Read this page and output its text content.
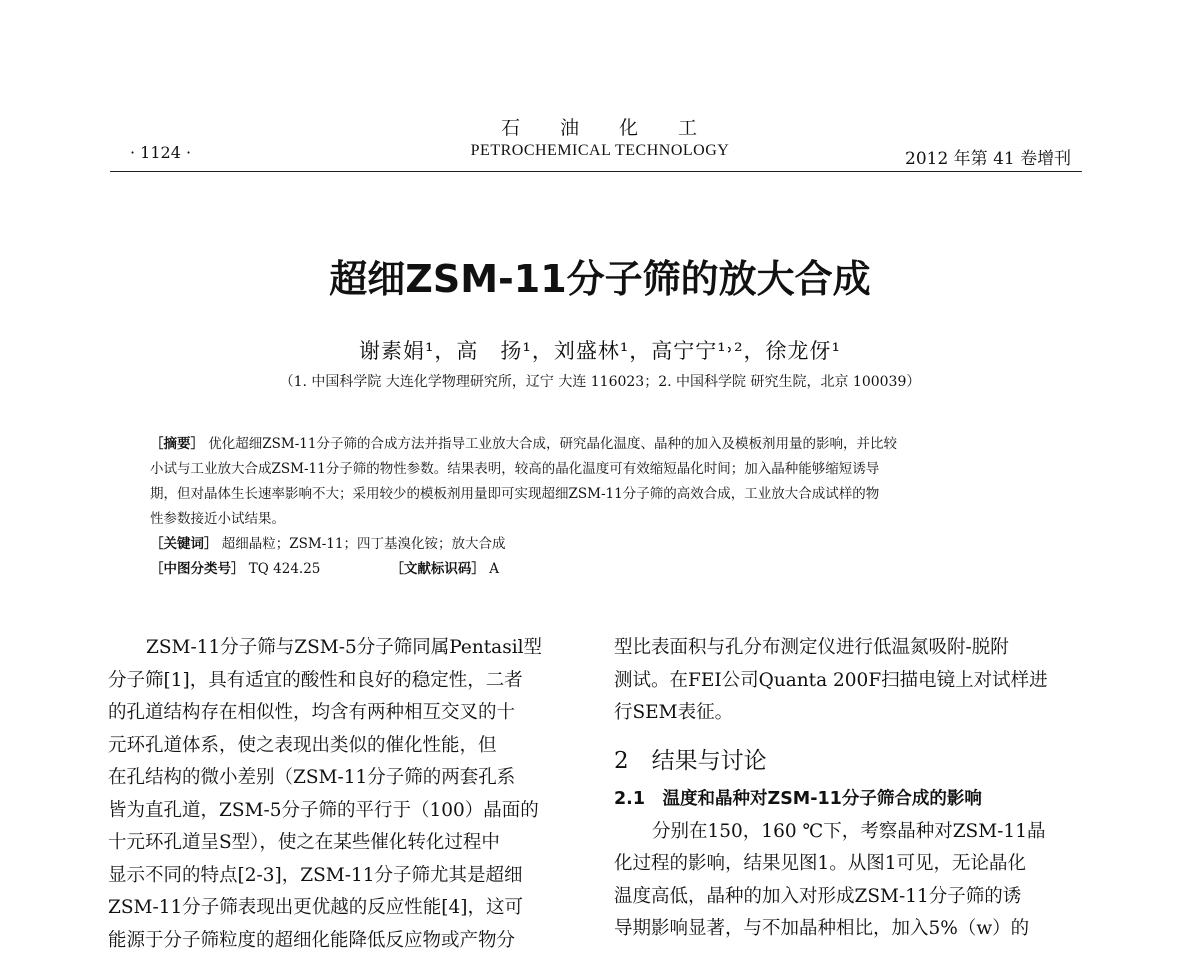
石 油 化 工
· 1124 ·	PETROCHEMICAL TECHNOLOGY	2012 年第 41 卷增刊
超细ZSM-11分子筛的放大合成
谢素娟¹，高　扬¹，刘盛林¹，高宁宁¹˒²，徐龙伢¹
（1. 中国科学院 大连化学物理研究所，辽宁 大连 116023；2. 中国科学院 研究生院，北京 100039）
［摘要］ 优化超细ZSM-11分子筛的合成方法并指导工业放大合成，研究晶化温度、晶种的加入及模板剂用量的影响，并比较
小试与工业放大合成ZSM-11分子筛的物性参数。结果表明，较高的晶化温度可有效缩短晶化时间；加入晶种能够缩短诱导
期，但对晶体生长速率影响不大；采用较少的模板剂用量即可实现超细ZSM-11分子筛的高效合成，工业放大合成试样的物
性参数接近小试结果。
［关键词］ 超细晶粒；ZSM-11；四丁基溴化铵；放大合成
［中图分类号］ TQ 424.25	［文献标识码］ A
ZSM-11分子筛与ZSM-5分子筛同属Pentasil型
分子筛[1]，具有适宜的酸性和良好的稳定性，二者
的孔道结构存在相似性，均含有两种相互交叉的十
元环孔道体系，使之表现出类似的催化性能，但
在孔结构的微小差别（ZSM-11分子筛的两套孔系
皆为直孔道，ZSM-5分子筛的平行于（100）晶面的
十元环孔道呈S型），使之在某些催化转化过程中
显示不同的特点[2-3]，ZSM-11分子筛尤其是超细
ZSM-11分子筛表现出更优越的反应性能[4]，这可
能源于分子筛粒度的超细化能降低反应物或产物分
型比表面积与孔分布测定仪进行低温氮吸附-脱附
测试。在FEI公司Quanta 200F扫描电镜上对试样进
行SEM表征。
2　结果与讨论
2.1　温度和晶种对ZSM-11分子筛合成的影响
分别在150，160 ℃下，考察晶种对ZSM-11晶
化过程的影响，结果见图1。从图1可见，无论晶化
温度高低，晶种的加入对形成ZSM-11分子筛的诱
导期影响显著，与不加晶种相比，加入5%（w）的
